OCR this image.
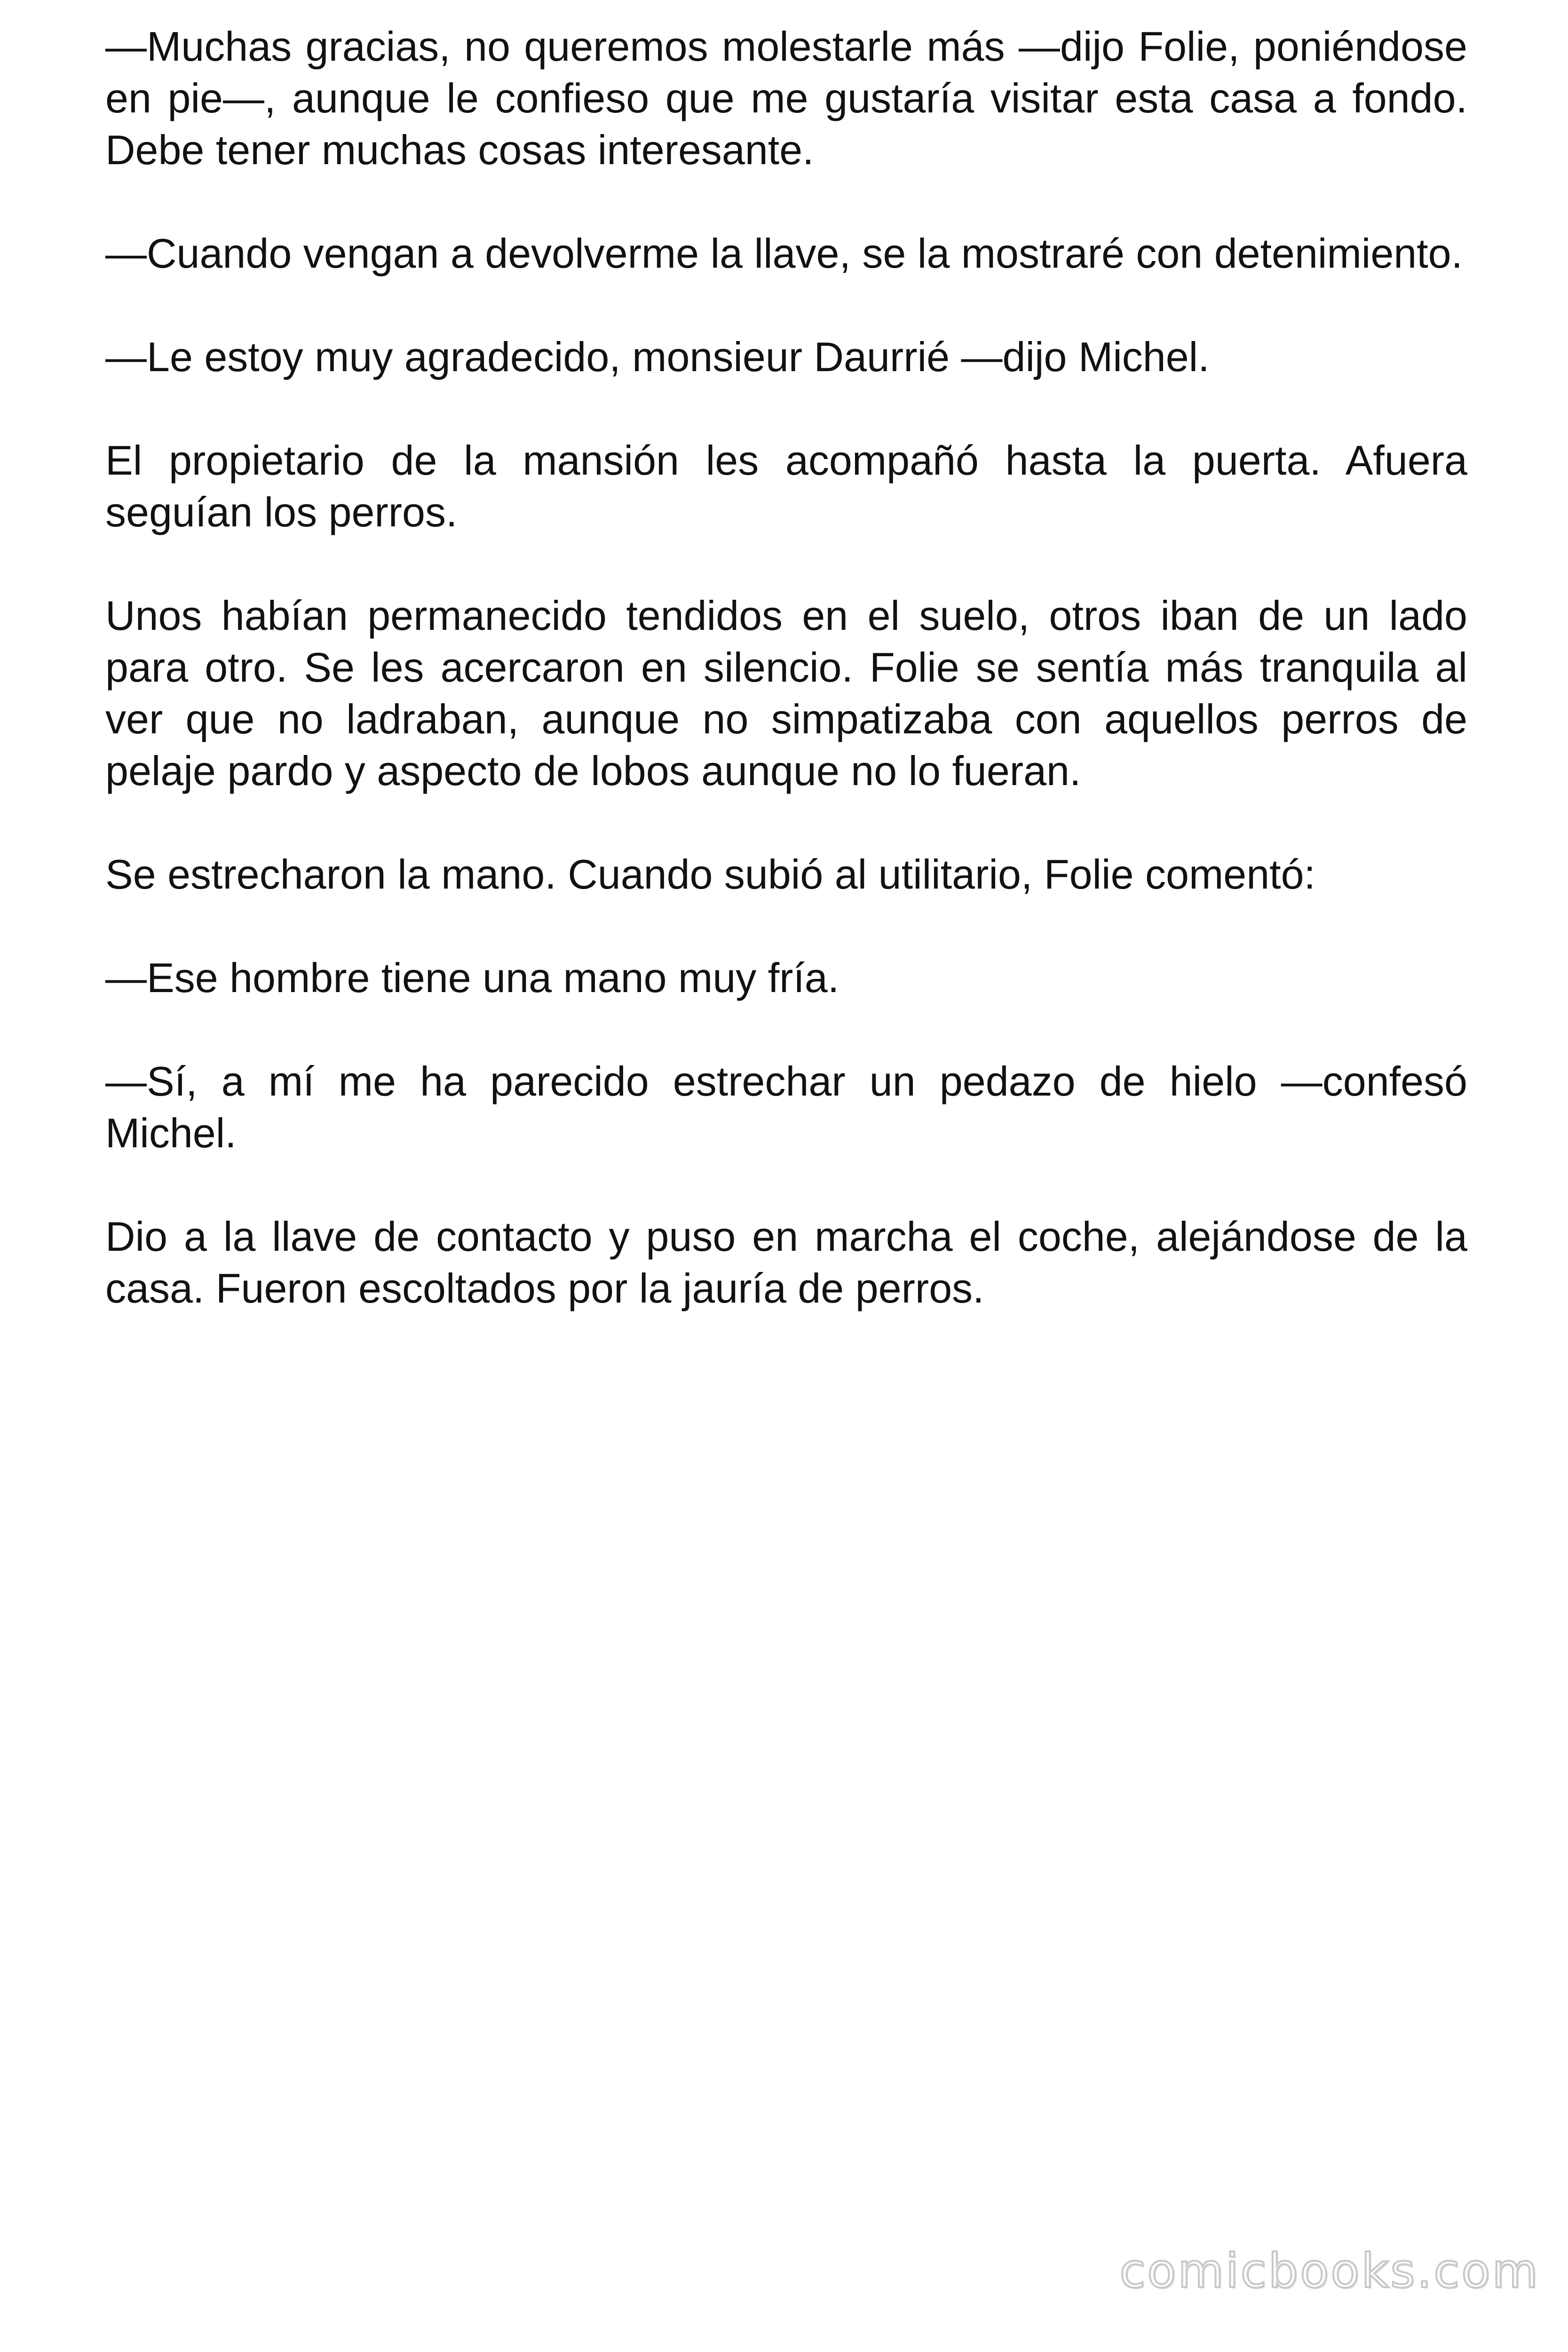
—Muchas gracias, no queremos molestarle más —dijo Folie, poniéndose en pie—, aunque le confieso que me gustaría visitar esta casa a fondo. Debe tener muchas cosas interesante.

—Cuando vengan a devolverme la llave, se la mostraré con detenimiento.

—Le estoy muy agradecido, monsieur Daurrié —dijo Michel.

El propietario de la mansión les acompañó hasta la puerta. Afuera seguían los perros.

Unos habían permanecido tendidos en el suelo, otros iban de un lado para otro. Se les acercaron en silencio. Folie se sentía más tranquila al ver que no ladraban, aunque no simpatizaba con aquellos perros de pelaje pardo y aspecto de lobos aunque no lo fueran.

Se estrecharon la mano. Cuando subió al utilitario, Folie comentó:

—Ese hombre tiene una mano muy fría.

—Sí, a mí me ha parecido estrechar un pedazo de hielo —confesó Michel.

Dio a la llave de contacto y puso en marcha el coche, alejándose de la casa. Fueron escoltados por la jauría de perros.

comicbooks.com
